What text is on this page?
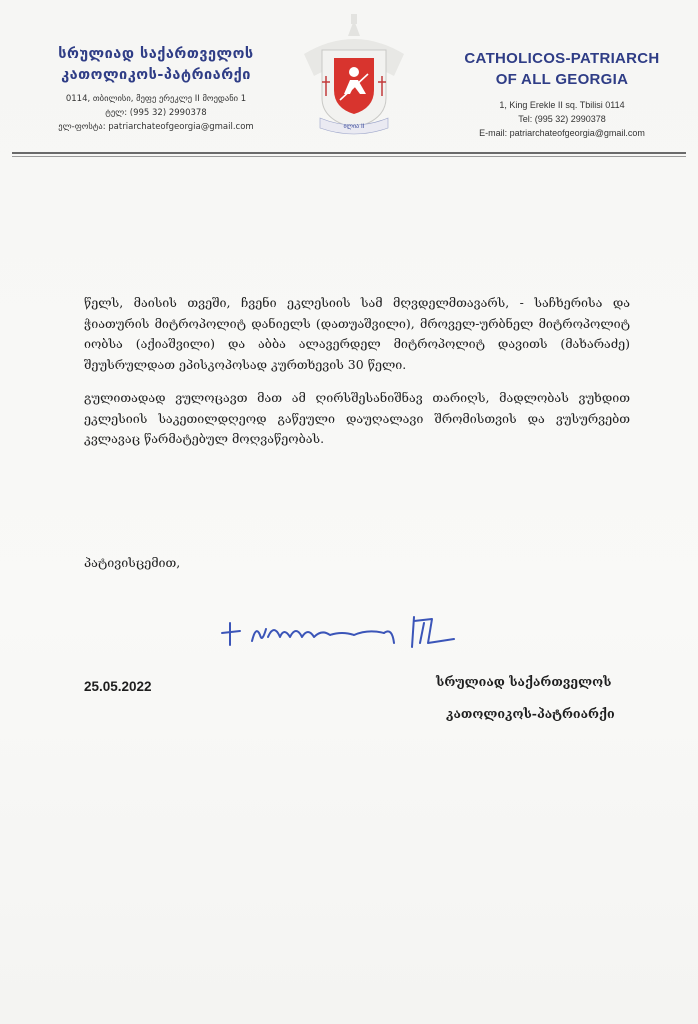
სრულიად საქართველოს
კათოლიკოს-პატრიარქი
0114, თბილისი, მეფე ერეკლე II მოედანი 1
ტელ: (995 32) 2990378
ელ-ფოსტა: patriarchateofgeorgia@gmail.com	ილია II
CATHOLICOS-PATRIARCH
OF ALL GEORGIA
1, King Erekle II sq. Tbilisi 0114
Tel: (995 32) 2990378
E-mail: patriarchateofgeorgia@gmail.com

წელს, მაისის თვეში, ჩვენი ეკლესიის სამ მღვდელმთავარს, - საჩხერისა და ჭიათურის მიტროპოლიტ დანიელს (დათუაშვილი), მროველ-ურბნელ მიტროპოლიტ იობსა (აქიაშვილი) და აბბა ალავერდელ მიტროპოლიტ დავითს (მახარაძე) შეუსრულდათ ეპისკოპოსად კურთხევის 30 წელი.

გულითადად ვულოცავთ მათ ამ ღირსშესანიშნავ თარიღს, მადლობას ვუხდით ეკლესიის საკეთილდღეოდ გაწეული დაუღალავი შრომისთვის და ვუსურვებთ კვლავაც წარმატებულ მოღვაწეობას.

პატივისცემით,
25.05.2022	სრულიად საქართველოს
კათოლიკოს-პატრიარქი
